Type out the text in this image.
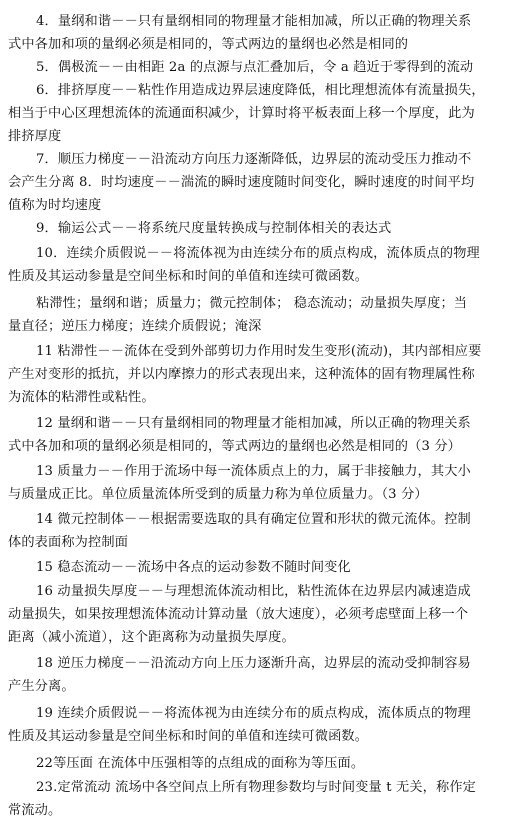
4．量纲和谐－－只有量纲相同的物理量才能相加减，所以正确的物理关系
式中各加和项的量纲必须是相同的，等式两边的量纲也必然是相同的
5．偶极流－－由相距 2a 的点源与点汇叠加后，令 a 趋近于零得到的流动
6．排挤厚度－－粘性作用造成边界层速度降低，相比理想流体有流量损失，
相当于中心区理想流体的流通面积减少，计算时将平板表面上移一个厚度，此为
排挤厚度
7．顺压力梯度－－沿流动方向压力逐渐降低，边界层的流动受压力推动不
会产生分离 8．时均速度－－湍流的瞬时速度随时间变化，瞬时速度的时间平均
值称为时均速度
9．输运公式－－将系统尺度量转换成与控制体相关的表达式
10．连续介质假说－－将流体视为由连续分布的质点构成，流体质点的物理
性质及其运动参量是空间坐标和时间的单值和连续可微函数。
粘滞性；量纲和谐；质量力；微元控制体； 稳态流动；动量损失厚度；当
量直径；逆压力梯度；连续介质假说；淹深
11 粘滞性－－流体在受到外部剪切力作用时发生变形(流动)，其内部相应要
产生对变形的抵抗，并以内摩擦力的形式表现出来，这种流体的固有物理属性称
为流体的粘滞性或粘性。
12 量纲和谐－－只有量纲相同的物理量才能相加减，所以正确的物理关系
式中各加和项的量纲必须是相同的，等式两边的量纲也必然是相同的（3 分）
13 质量力－－作用于流场中每一流体质点上的力，属于非接触力，其大小
与质量成正比。单位质量流体所受到的质量力称为单位质量力。（3 分）
14 微元控制体－－根据需要选取的具有确定位置和形状的微元流体。控制
体的表面称为控制面
15 稳态流动－－流场中各点的运动参数不随时间变化
16 动量损失厚度－－与理想流体流动相比，粘性流体在边界层内减速造成
动量损失，如果按理想流体流动计算动量（放大速度），必须考虑壁面上移一个
距离（减小流道），这个距离称为动量损失厚度。
18 逆压力梯度－－沿流动方向上压力逐渐升高，边界层的流动受抑制容易
产生分离。
19 连续介质假说－－将流体视为由连续分布的质点构成，流体质点的物理
性质及其运动参量是空间坐标和时间的单值和连续可微函数。
22等压面 在流体中压强相等的点组成的面称为等压面。
23.定常流动 流场中各空间点上所有物理参数均与时间变量 t 无关，称作定
常流动。
